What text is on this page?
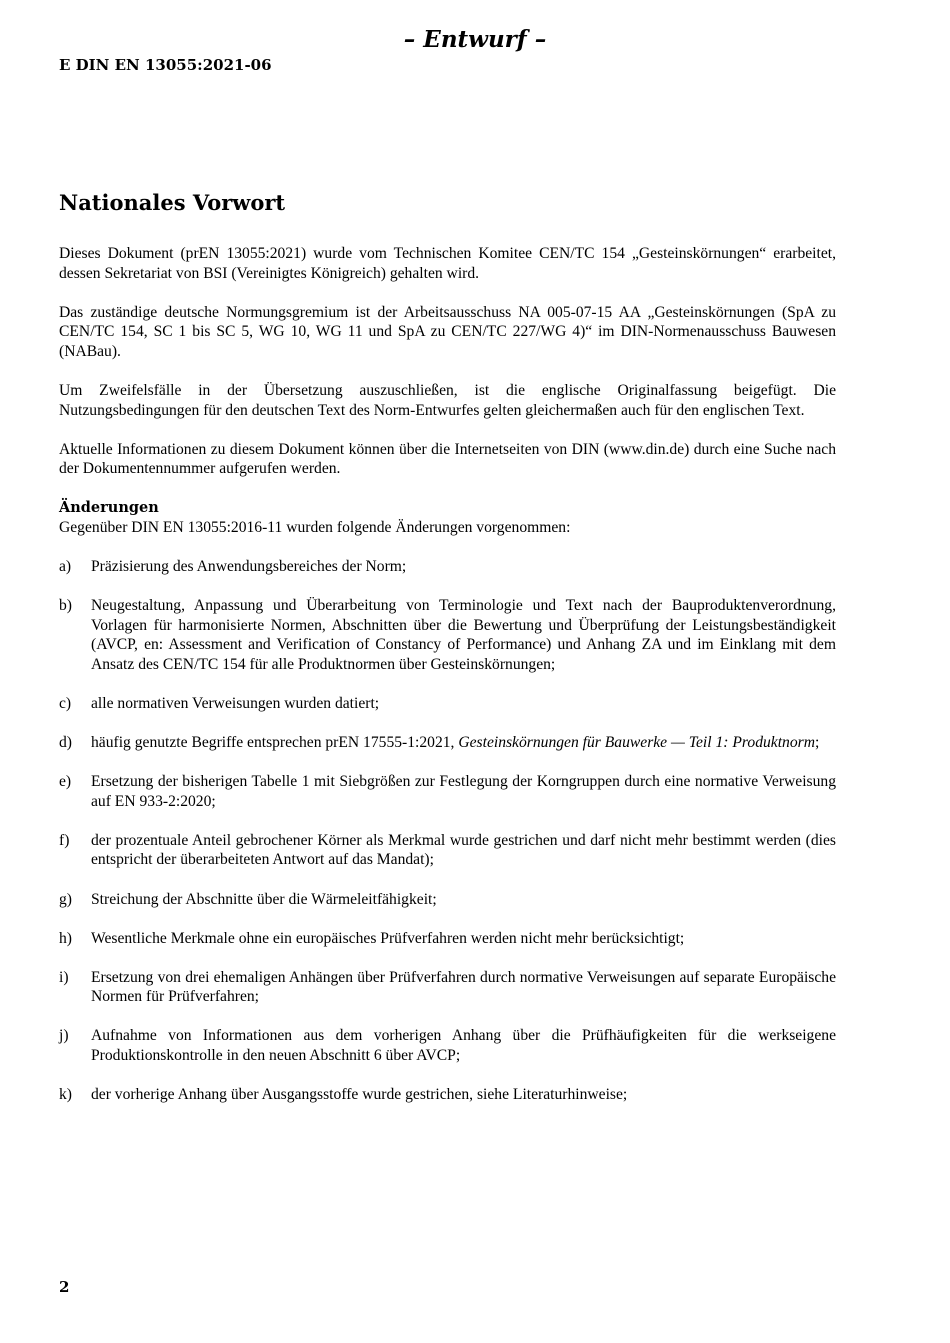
– Entwurf –
E DIN EN 13055:2021-06
Nationales Vorwort

Dieses Dokument (prEN 13055:2021) wurde vom Technischen Komitee CEN/TC 154 „Gesteinskörnungen“ erarbeitet, dessen Sekretariat von BSI (Vereinigtes Königreich) gehalten wird.

Das zuständige deutsche Normungsgremium ist der Arbeitsausschuss NA 005-07-15 AA „Gesteinskörnungen (SpA zu CEN/TC 154, SC 1 bis SC 5, WG 10, WG 11 und SpA zu CEN/TC 227/WG 4)“ im DIN-Normenausschuss Bauwesen (NABau).

Um Zweifelsfälle in der Übersetzung auszuschließen, ist die englische Originalfassung beigefügt. Die Nutzungsbedingungen für den deutschen Text des Norm-Entwurfes gelten gleichermaßen auch für den englischen Text.

Aktuelle Informationen zu diesem Dokument können über die Internetseiten von DIN (www.din.de) durch eine Suche nach der Dokumentennummer aufgerufen werden.

Änderungen

Gegenüber DIN EN 13055:2016-11 wurden folgende Änderungen vorgenommen:

a)	Präzisierung des Anwendungsbereiches der Norm;
b)	Neugestaltung, Anpassung und Überarbeitung von Terminologie und Text nach der Bauproduktenverordnung, Vorlagen für harmonisierte Normen, Abschnitten über die Bewertung und Überprüfung der Leistungsbeständigkeit (AVCP, en: Assessment and Verification of Constancy of Performance) und Anhang ZA und im Einklang mit dem Ansatz des CEN/TC 154 für alle Produktnormen über Gesteinskörnungen;
c)	alle normativen Verweisungen wurden datiert;
d)	häufig genutzte Begriffe entsprechen prEN 17555-1:2021, Gesteinskörnungen für Bauwerke — Teil 1: Produktnorm;
e)	Ersetzung der bisherigen Tabelle 1 mit Siebgrößen zur Festlegung der Korngruppen durch eine normative Verweisung auf EN 933-2:2020;
f)	der prozentuale Anteil gebrochener Körner als Merkmal wurde gestrichen und darf nicht mehr bestimmt werden (dies entspricht der überarbeiteten Antwort auf das Mandat);
g)	Streichung der Abschnitte über die Wärmeleitfähigkeit;
h)	Wesentliche Merkmale ohne ein europäisches Prüfverfahren werden nicht mehr berücksichtigt;
i)	Ersetzung von drei ehemaligen Anhängen über Prüfverfahren durch normative Verweisungen auf separate Europäische Normen für Prüfverfahren;
j)	Aufnahme von Informationen aus dem vorherigen Anhang über die Prüfhäufigkeiten für die werkseigene Produktionskontrolle in den neuen Abschnitt 6 über AVCP;
k)	der vorherige Anhang über Ausgangsstoffe wurde gestrichen, siehe Literaturhinweise;
2
